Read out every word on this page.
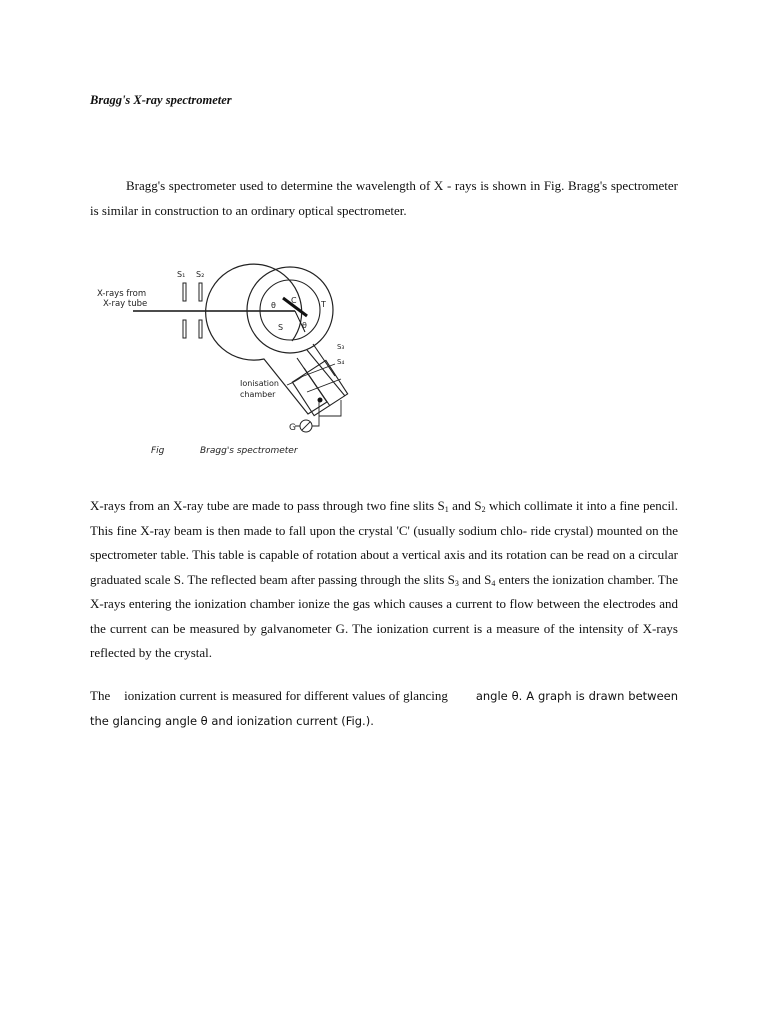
Bragg's X-ray spectrometer

Bragg's spectrometer used to determine the wavelength of X - rays is shown in Fig. Bragg's spectrometer is similar in construction to an ordinary optical spectrometer.

X-rays from
X-ray tube
S₁ S₂
C
θ
θ
S
T
S₃
S₄
Ionisation
chamber
G
Fig	Bragg's spectrometer

X-rays from an X-ray tube are made to pass through two fine slits $S_1$ and $S_2$ which collimate it into a fine pencil. This fine X-ray beam is then made to fall upon the crystal 'C' (usually sodium chlo- ride crystal) mounted on the spectrometer table. This table is capable of rotation about a vertical axis and its rotation can be read on a circular graduated scale S. The reflected beam after passing through the slits $S_3$ and $S_4$ enters the ionization chamber. The X-rays entering the ionization chamber ionize the gas which causes a current to flow between the electrodes and the current can be measured by galvanometer G. The ionization current is a measure of the intensity of X-rays reflected by the crystal.

The    ionization current is measured for different values of glancing        angle θ. A graph is drawn between the glancing angle θ and ionization current (Fig.).
